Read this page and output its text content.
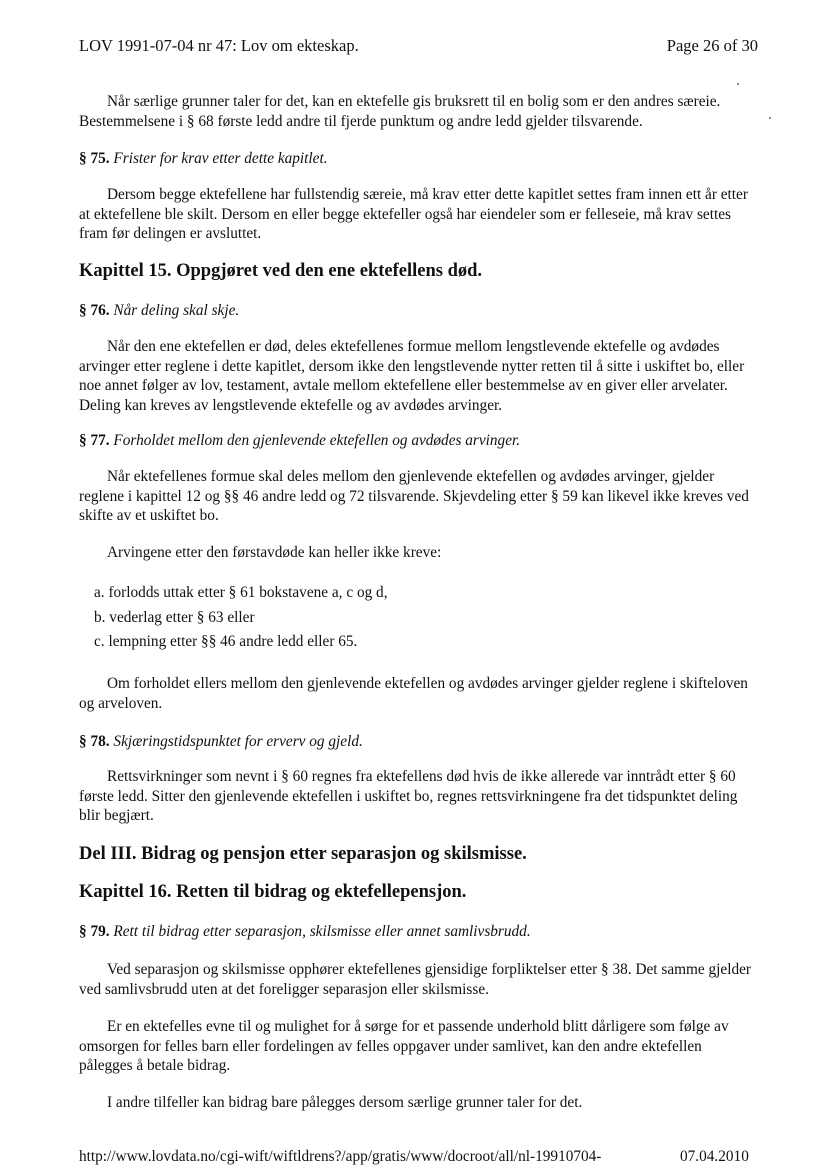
LOV 1991-07-04 nr 47: Lov om ekteskap.	Page 26 of 30
Når særlige grunner taler for det, kan en ektefelle gis bruksrett til en bolig som er den andres særeie. Bestemmelsene i § 68 første ledd andre til fjerde punktum og andre ledd gjelder tilsvarende.
§ 75. Frister for krav etter dette kapitlet.
Dersom begge ektefellene har fullstendig særeie, må krav etter dette kapitlet settes fram innen ett år etter at ektefellene ble skilt. Dersom en eller begge ektefeller også har eiendeler som er felleseie, må krav settes fram før delingen er avsluttet.
Kapittel 15. Oppgjøret ved den ene ektefellens død.
§ 76. Når deling skal skje.
Når den ene ektefellen er død, deles ektefellenes formue mellom lengstlevende ektefelle og avdødes arvinger etter reglene i dette kapitlet, dersom ikke den lengstlevende nytter retten til å sitte i uskiftet bo, eller noe annet følger av lov, testament, avtale mellom ektefellene eller bestemmelse av en giver eller arvelater. Deling kan kreves av lengstlevende ektefelle og av avdødes arvinger.
§ 77. Forholdet mellom den gjenlevende ektefellen og avdødes arvinger.
Når ektefellenes formue skal deles mellom den gjenlevende ektefellen og avdødes arvinger, gjelder reglene i kapittel 12 og §§ 46 andre ledd og 72 tilsvarende. Skjevdeling etter § 59 kan likevel ikke kreves ved skifte av et uskiftet bo.
Arvingene etter den førstavdøde kan heller ikke kreve:
a. forlodds uttak etter § 61 bokstavene a, c og d,
b. vederlag etter § 63 eller
c. lempning etter §§ 46 andre ledd eller 65.
Om forholdet ellers mellom den gjenlevende ektefellen og avdødes arvinger gjelder reglene i skifteloven og arveloven.
§ 78. Skjæringstidspunktet for erverv og gjeld.
Rettsvirkninger som nevnt i § 60 regnes fra ektefellens død hvis de ikke allerede var inntrådt etter § 60 første ledd. Sitter den gjenlevende ektefellen i uskiftet bo, regnes rettsvirkningene fra det tidspunktet deling blir begjært.
Del III. Bidrag og pensjon etter separasjon og skilsmisse.
Kapittel 16. Retten til bidrag og ektefellepensjon.
§ 79. Rett til bidrag etter separasjon, skilsmisse eller annet samlivsbrudd.
Ved separasjon og skilsmisse opphører ektefellenes gjensidige forpliktelser etter § 38. Det samme gjelder ved samlivsbrudd uten at det foreligger separasjon eller skilsmisse.
Er en ektefelles evne til og mulighet for å sørge for et passende underhold blitt dårligere som følge av omsorgen for felles barn eller fordelingen av felles oppgaver under samlivet, kan den andre ektefellen pålegges å betale bidrag.
I andre tilfeller kan bidrag bare pålegges dersom særlige grunner taler for det.
http://www.lovdata.no/cgi-wift/wiftldrens?/app/gratis/www/docroot/all/nl-19910704-	07.04.2010
